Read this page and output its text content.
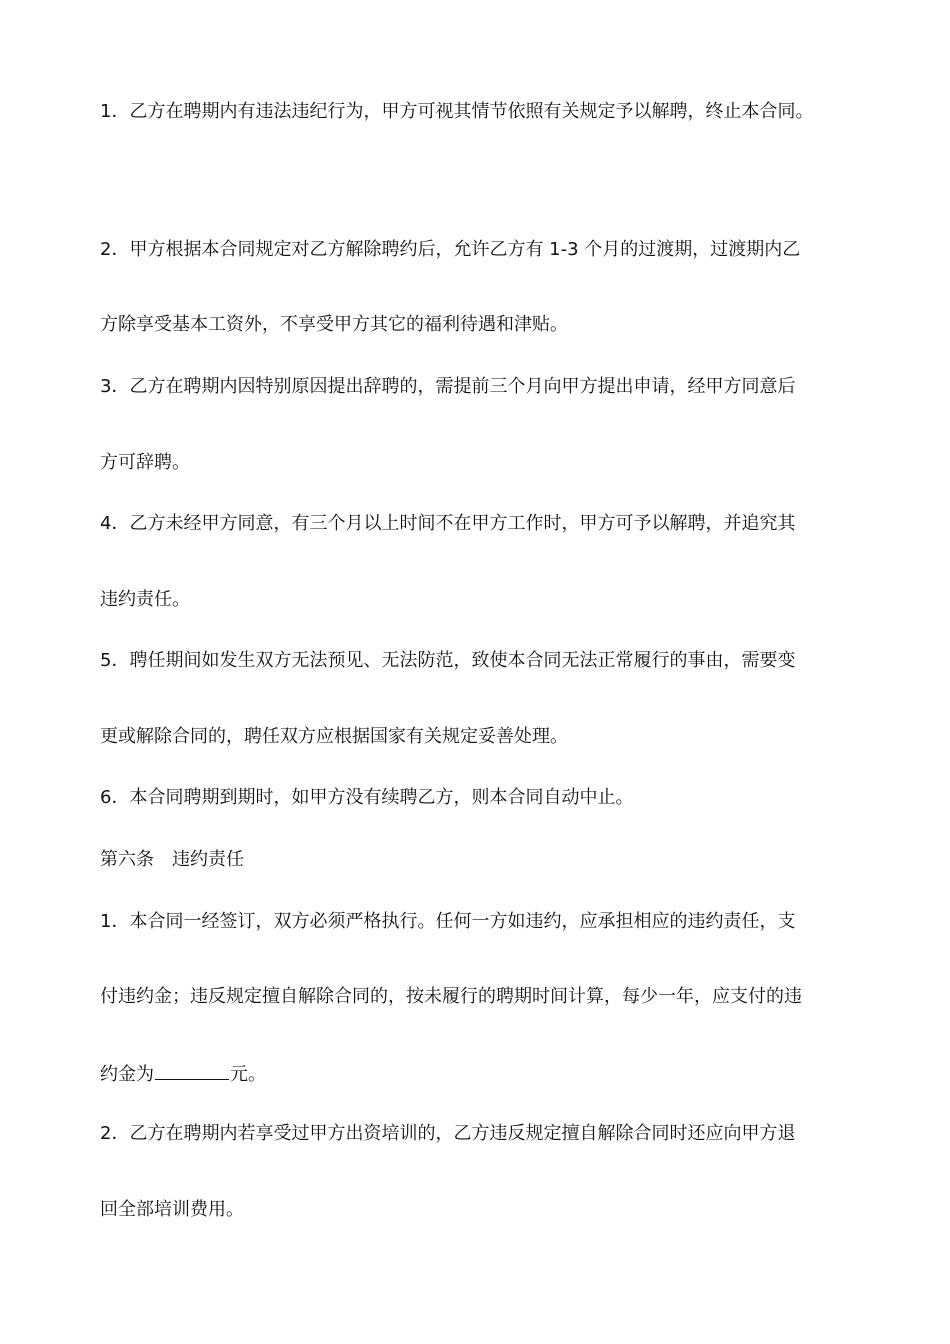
1．乙方在聘期内有违法违纪行为，甲方可视其情节依照有关规定予以解聘，终止本合同。
2．甲方根据本合同规定对乙方解除聘约后，允许乙方有 1-3 个月的过渡期，过渡期内乙
方除享受基本工资外，不享受甲方其它的福利待遇和津贴。
3．乙方在聘期内因特别原因提出辞聘的，需提前三个月向甲方提出申请，经甲方同意后
方可辞聘。
4．乙方未经甲方同意，有三个月以上时间不在甲方工作时，甲方可予以解聘，并追究其
违约责任。
5．聘任期间如发生双方无法预见、无法防范，致使本合同无法正常履行的事由，需要变
更或解除合同的，聘任双方应根据国家有关规定妥善处理。
6．本合同聘期到期时，如甲方没有续聘乙方，则本合同自动中止。
第六条　违约责任
1．本合同一经签订，双方必须严格执行。任何一方如违约，应承担相应的违约责任，支
付违约金；违反规定擅自解除合同的，按未履行的聘期时间计算，每少一年，应支付的违
约金为	元。
2．乙方在聘期内若享受过甲方出资培训的，乙方违反规定擅自解除合同时还应向甲方退
回全部培训费用。
